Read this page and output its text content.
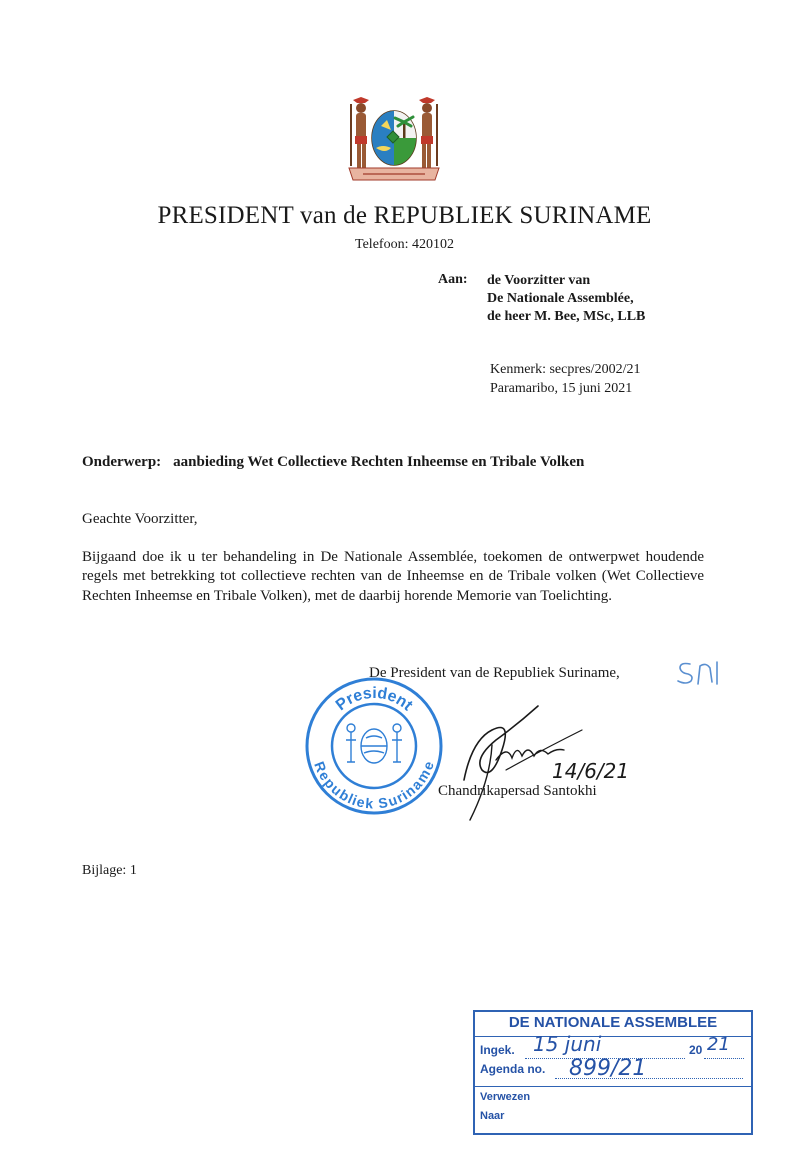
PRESIDENT van de REPUBLIEK SURINAME
Telefoon: 420102
Aan: de Voorzitter van
De Nationale Assemblée,
de heer M. Bee, MSc, LLB
Kenmerk: secpres/2002/21
Paramaribo, 15 juni 2021
Onderwerp: aanbieding Wet Collectieve Rechten Inheemse en Tribale Volken
Geachte Voorzitter,
Bijgaand doe ik u ter behandeling in De Nationale Assemblée, toekomen de ontwerpwet houdende regels met betrekking tot collectieve rechten van de Inheemse en de Tribale volken (Wet Collectieve Rechten Inheemse en Tribale Volken), met de daarbij horende Memorie van Toelichting.
De President van de Republiek Suriname,
President
Republiek Suriname	14/6/21
Chandrikapersad Santokhi
Bijlage: 1
DE NATIONALE ASSEMBLEE
Ingek. 15 juni	20 21
Agenda no. 899/21
Verwezen
Naar
